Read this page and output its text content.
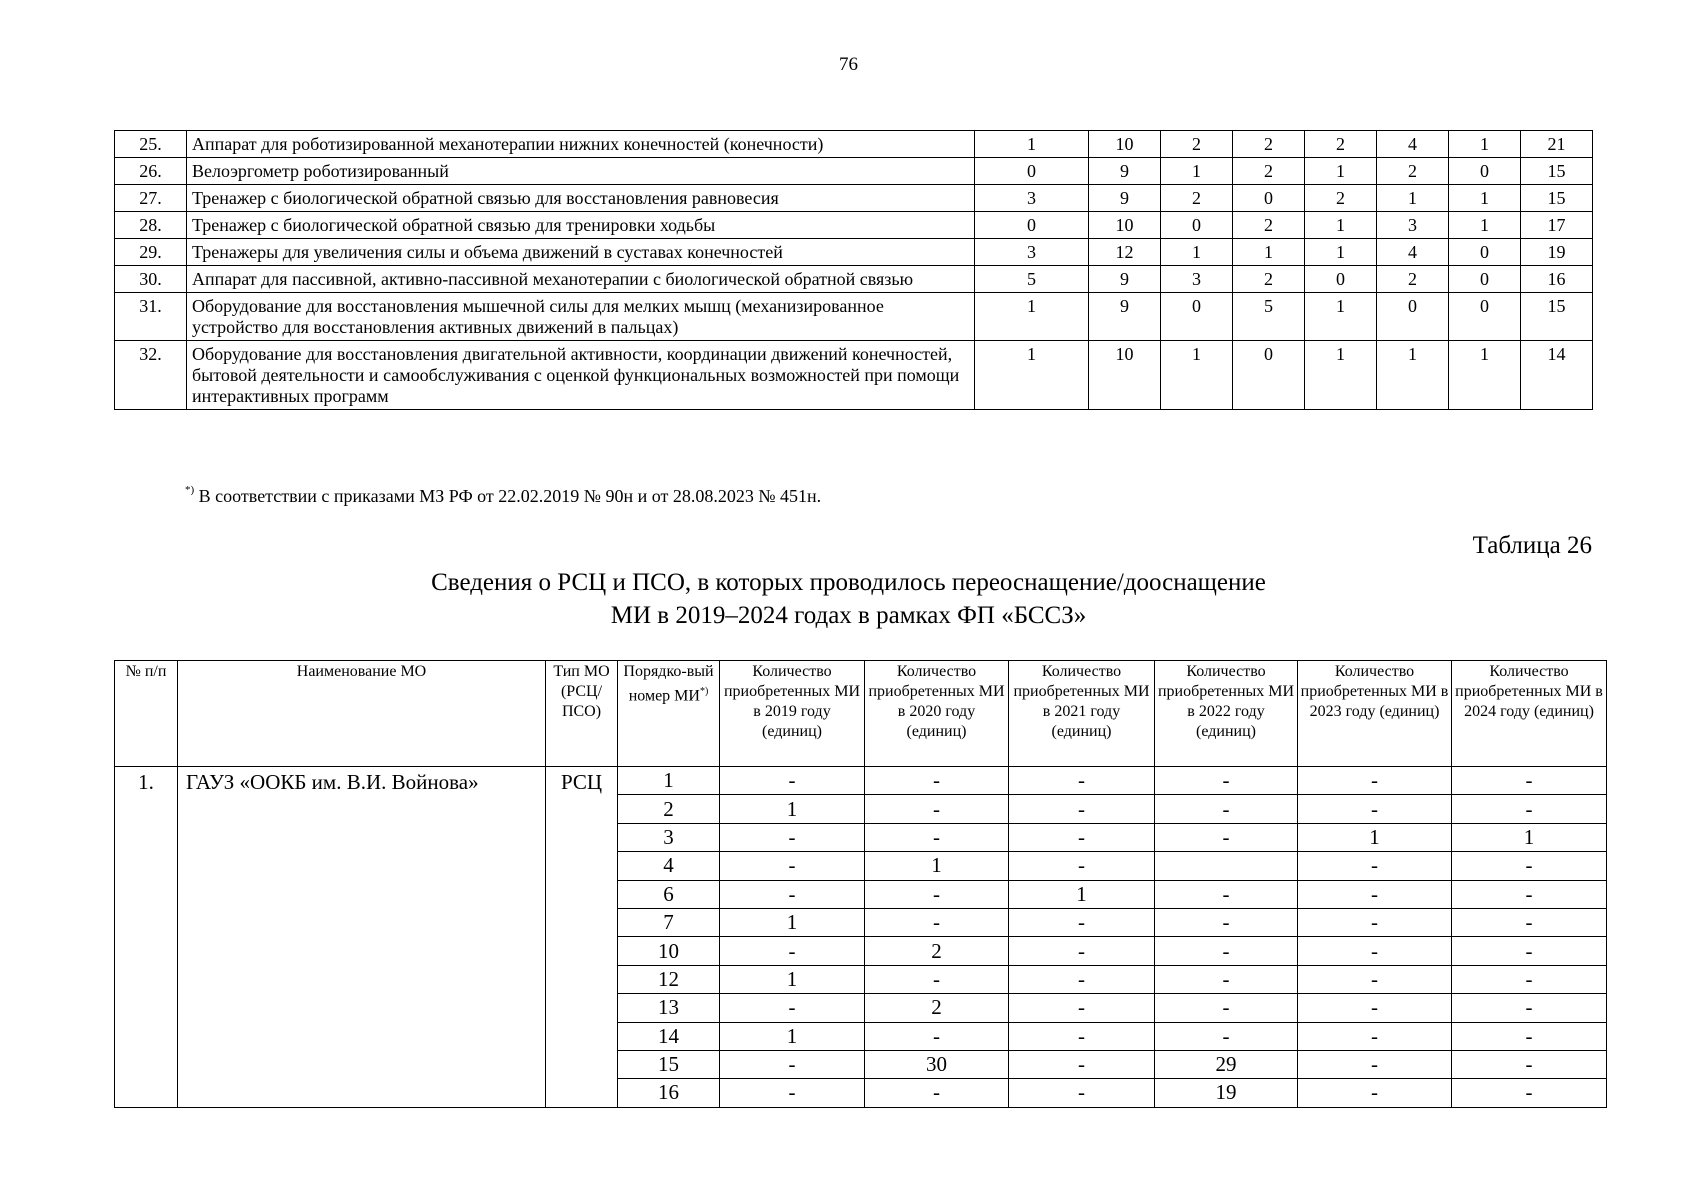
76
25.	Аппарат для роботизированной механотерапии нижних конечностей (конечности)	1	10	2	2	2	4	1	21
26.	Велоэргометр роботизированный	0	9	1	2	1	2	0	15
27.	Тренажер с биологической обратной связью для восстановления равновесия	3	9	2	0	2	1	1	15
28.	Тренажер с биологической обратной связью для тренировки ходьбы	0	10	0	2	1	3	1	17
29.	Тренажеры для увеличения силы и объема движений в суставах конечностей	3	12	1	1	1	4	0	19
30.	Аппарат для пассивной, активно-пассивной механотерапии с биологической обратной связью	5	9	3	2	0	2	0	16
31.	Оборудование для восстановления мышечной силы для мелких мышц (механизированное устройство для восстановления активных движений в пальцах)	1	9	0	5	1	0	0	15
32.	Оборудование для восстановления двигательной активности, координации движений конечностей, бытовой деятельности и самообслуживания с оценкой функциональных возможностей при помощи интерактивных программ	1	10	1	0	1	1	1	14
*) В соответствии с приказами МЗ РФ от 22.02.2019 № 90н и от 28.08.2023 № 451н.
Таблица 26
Сведения о РСЦ и ПСО, в которых проводилось переоснащение/дооснащение
МИ в 2019–2024 годах в рамках ФП «БССЗ»
№ п/п	Наименование МО	Тип МО (РСЦ/ ПСО)	Порядко-вый номер МИ*)	Количество приобретенных МИ в 2019 году (единиц)	Количество приобретенных МИ в 2020 году (единиц)	Количество приобретенных МИ в 2021 году (единиц)	Количество приобретенных МИ в 2022 году (единиц)	Количество приобретенных МИ в 2023 году (единиц)	Количество приобретенных МИ в 2024 году (единиц)
1.	ГАУЗ «ООКБ им. В.И. Войнова»	РСЦ	1	-	-	-	-	-	-
			2	1	-	-	-	-	-
			3	-	-	-	-	1	1
			4	-	1	-		-	-
			6	-	-	1	-	-	-
			7	1	-	-	-	-	-
			10	-	2	-	-	-	-
			12	1	-	-	-	-	-
			13	-	2	-	-	-	-
			14	1	-	-	-	-	-
			15	-	30	-	29	-	-
			16	-	-	-	19	-	-
